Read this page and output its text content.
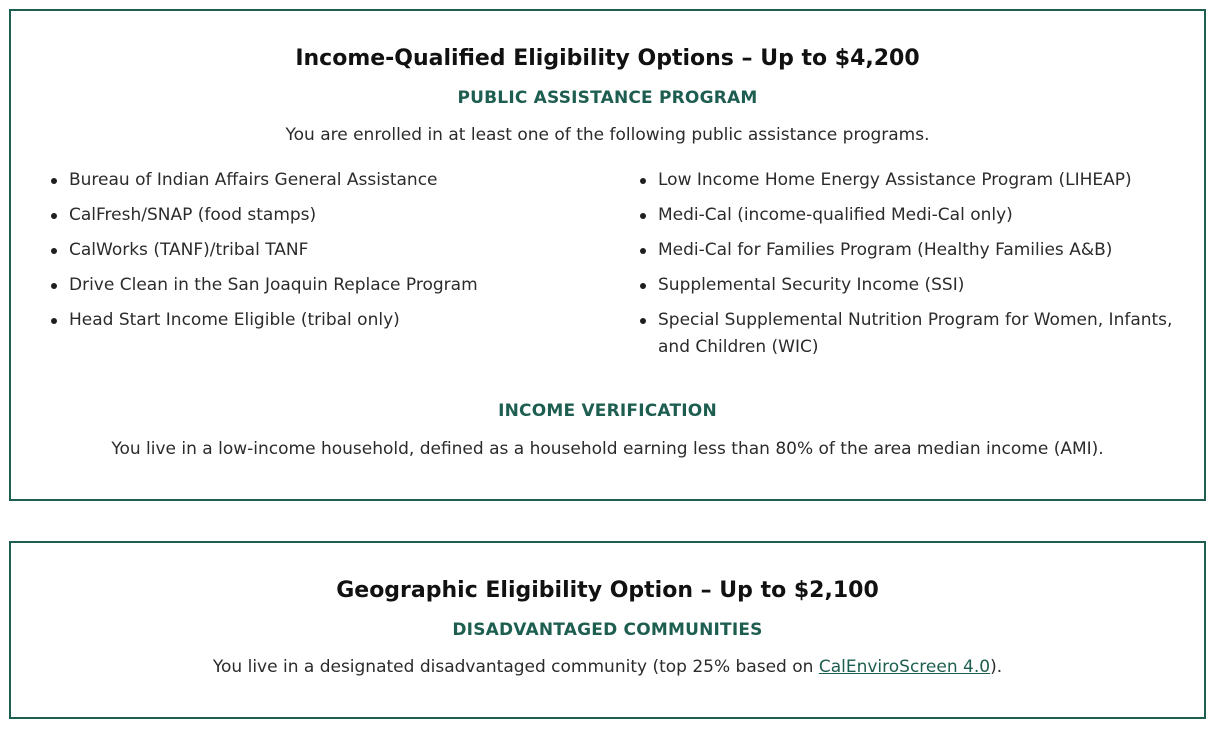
Income-Qualified Eligibility Options – Up to $4,200
PUBLIC ASSISTANCE PROGRAM
You are enrolled in at least one of the following public assistance programs.
Bureau of Indian Affairs General Assistance
CalFresh/SNAP (food stamps)
CalWorks (TANF)/tribal TANF
Drive Clean in the San Joaquin Replace Program
Head Start Income Eligible (tribal only)
Low Income Home Energy Assistance Program (LIHEAP)
Medi-Cal (income-qualified Medi-Cal only)
Medi-Cal for Families Program (Healthy Families A&B)
Supplemental Security Income (SSI)
Special Supplemental Nutrition Program for Women, Infants, and Children (WIC)
INCOME VERIFICATION
You live in a low-income household, defined as a household earning less than 80% of the area median income (AMI).
Geographic Eligibility Option – Up to $2,100
DISADVANTAGED COMMUNITIES
You live in a designated disadvantaged community (top 25% based on CalEnviroScreen 4.0).
